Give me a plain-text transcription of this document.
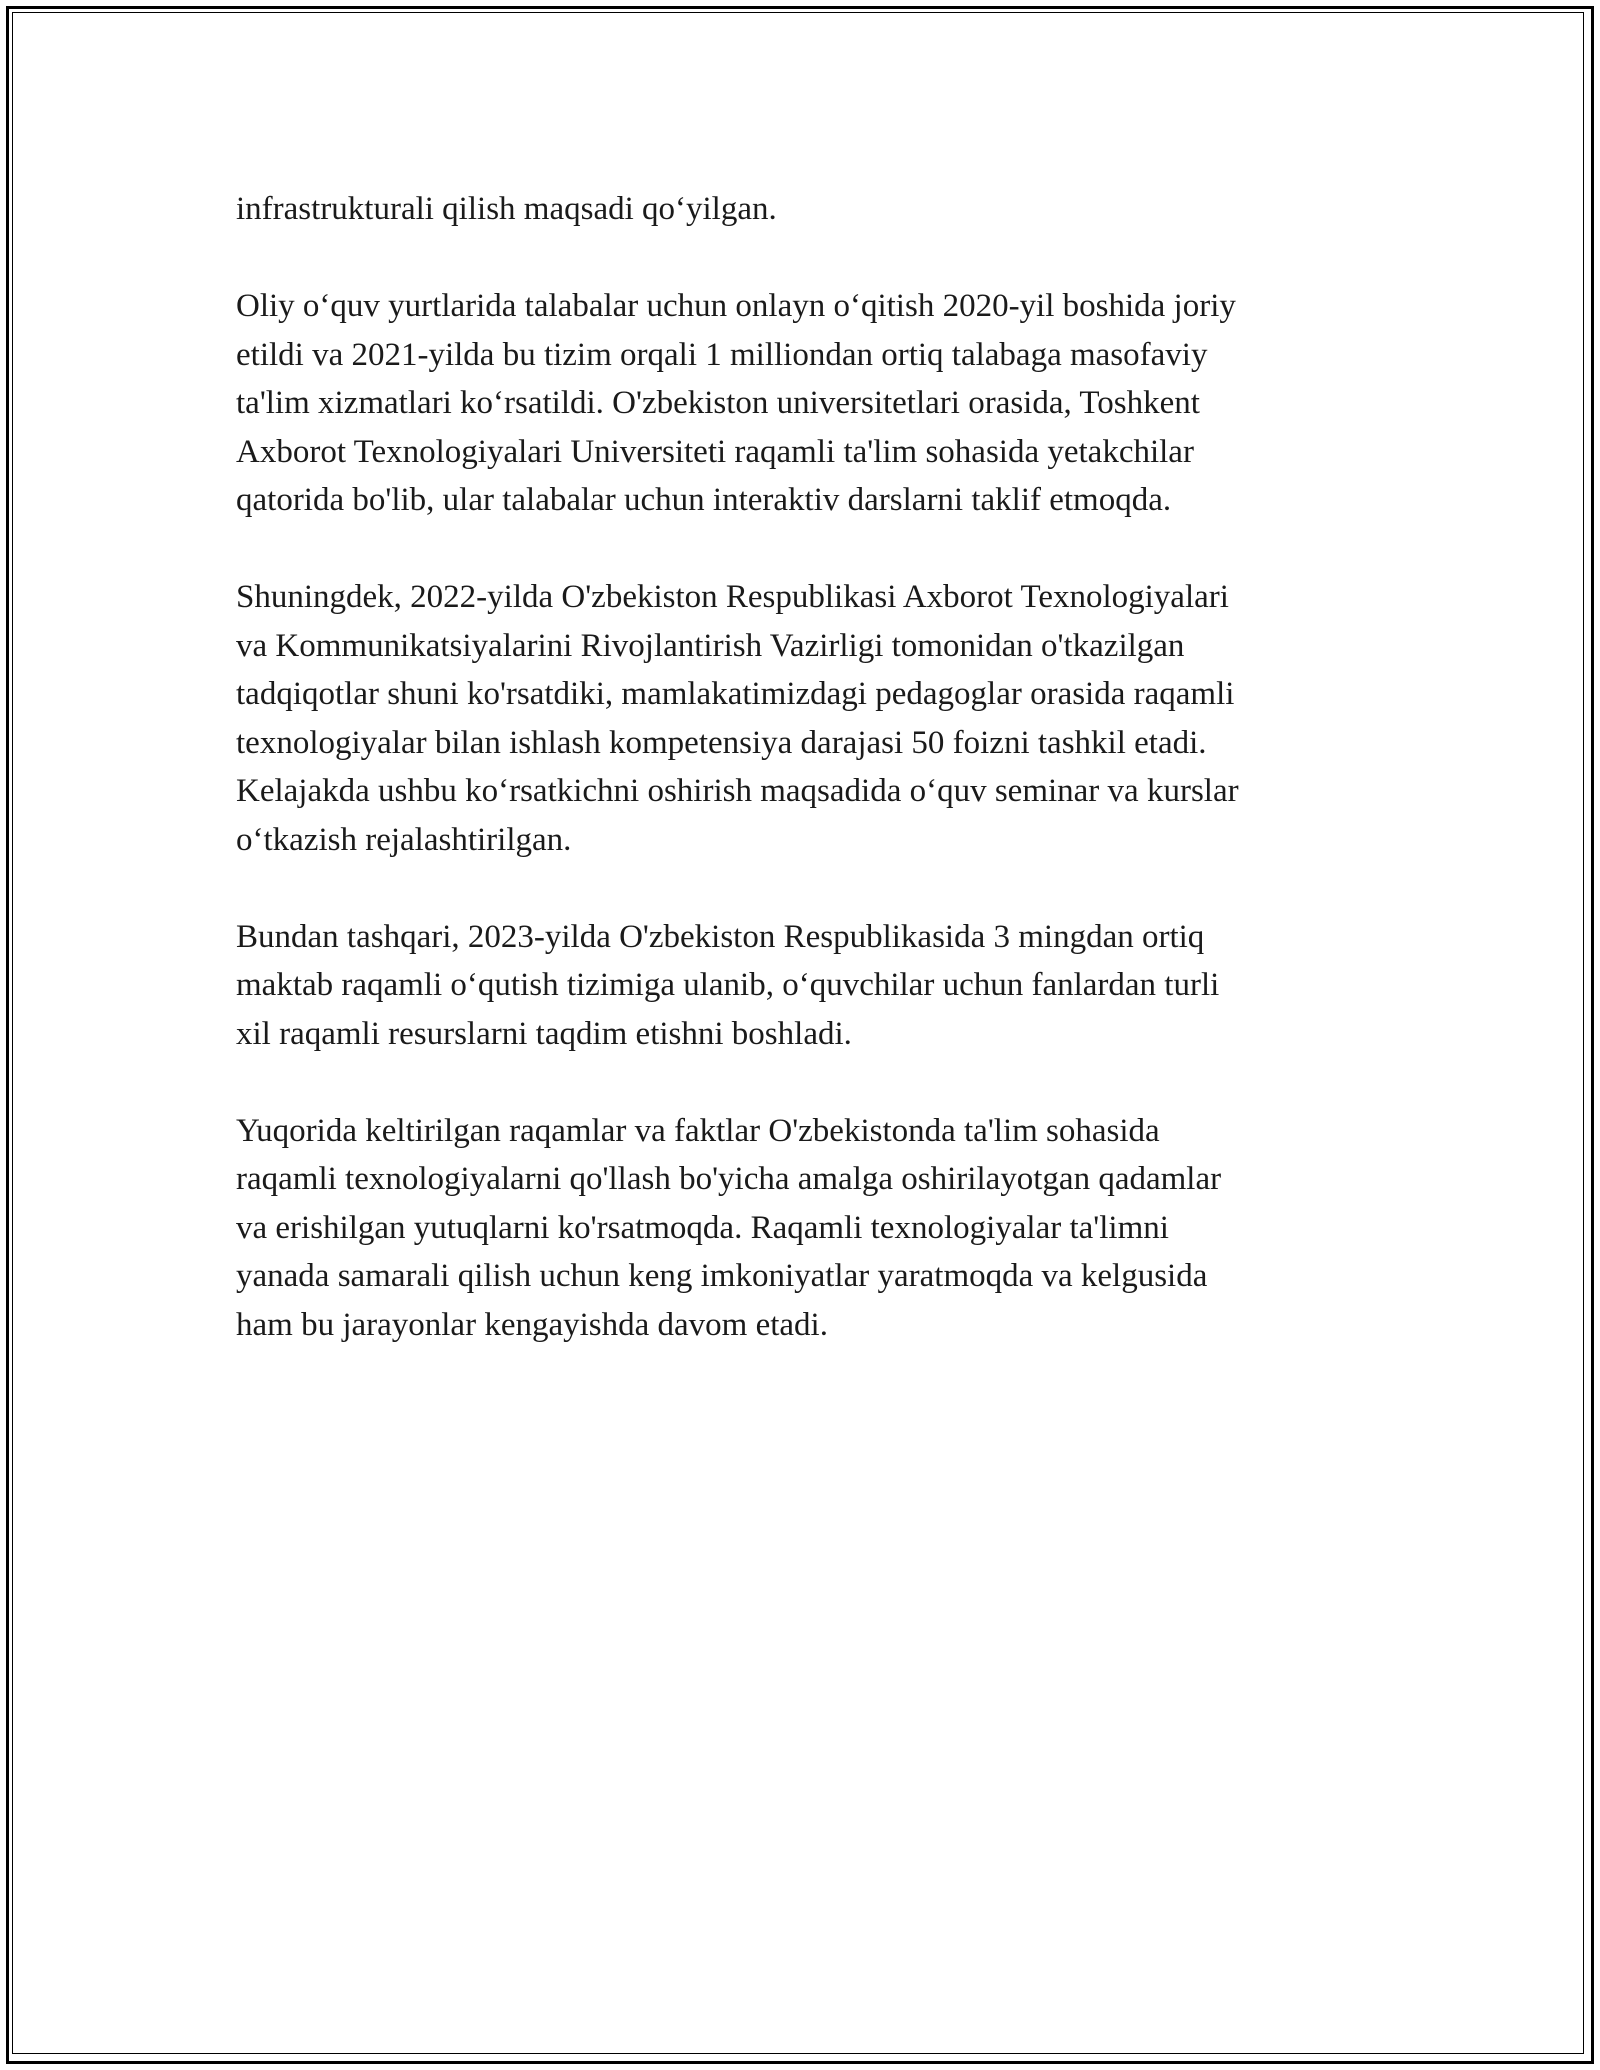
infrastrukturali qilish maqsadi qo‘yilgan.

Oliy o‘quv yurtlarida talabalar uchun onlayn o‘qitish 2020-yil boshida joriy
etildi va 2021-yilda bu tizim orqali 1 milliondan ortiq talabaga masofaviy
ta'lim xizmatlari ko‘rsatildi. O'zbekiston universitetlari orasida, Toshkent
Axborot Texnologiyalari Universiteti raqamli ta'lim sohasida yetakchilar
qatorida bo'lib, ular talabalar uchun interaktiv darslarni taklif etmoqda.

Shuningdek, 2022-yilda O'zbekiston Respublikasi Axborot Texnologiyalari
va Kommunikatsiyalarini Rivojlantirish Vazirligi tomonidan o'tkazilgan
tadqiqotlar shuni ko'rsatdiki, mamlakatimizdagi pedagoglar orasida raqamli
texnologiyalar bilan ishlash kompetensiya darajasi 50 foizni tashkil etadi.
Kelajakda ushbu ko‘rsatkichni oshirish maqsadida o‘quv seminar va kurslar
o‘tkazish rejalashtirilgan.

Bundan tashqari, 2023-yilda O'zbekiston Respublikasida 3 mingdan ortiq
maktab raqamli o‘qutish tizimiga ulanib, o‘quvchilar uchun fanlardan turli
xil raqamli resurslarni taqdim etishni boshladi.

Yuqorida keltirilgan raqamlar va faktlar O'zbekistonda ta'lim sohasida
raqamli texnologiyalarni qo'llash bo'yicha amalga oshirilayotgan qadamlar
va erishilgan yutuqlarni ko'rsatmoqda. Raqamli texnologiyalar ta'limni
yanada samarali qilish uchun keng imkoniyatlar yaratmoqda va kelgusida
ham bu jarayonlar kengayishda davom etadi.
